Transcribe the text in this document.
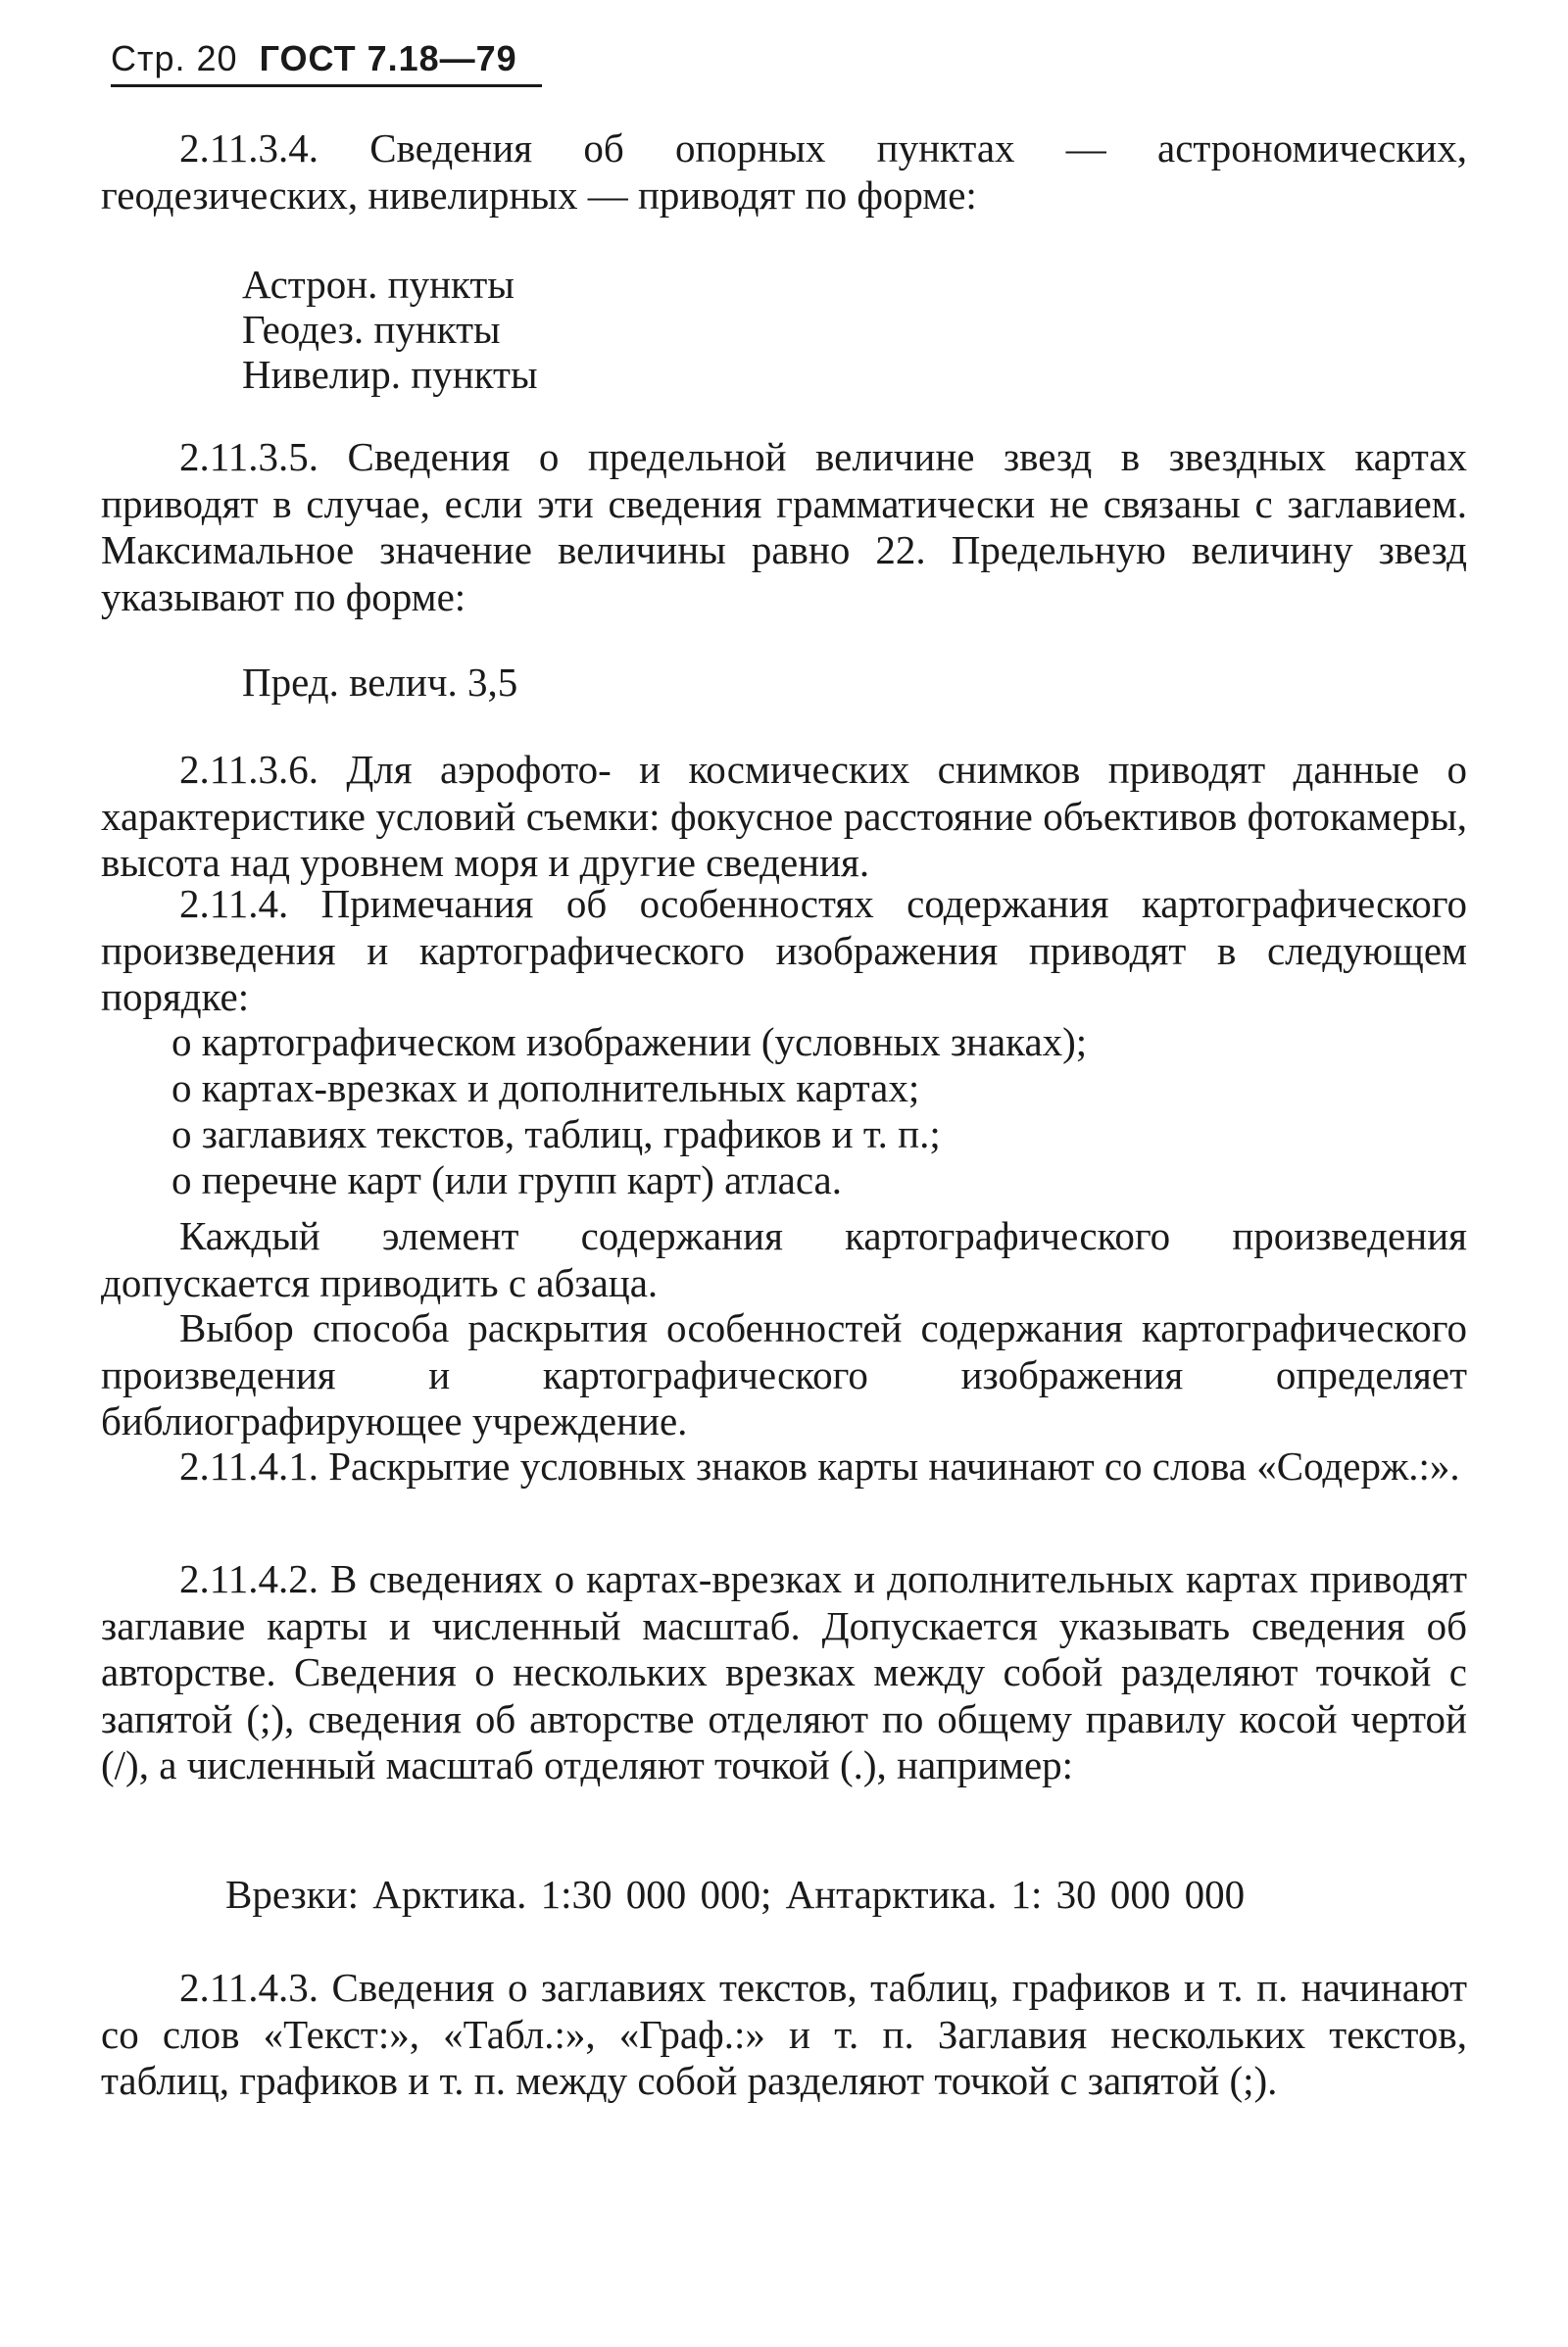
Стр. 20 ГОСТ 7.18—79

2.11.3.4. Сведения об опорных пунктах — астрономических, геодезических, нивелирных — приводят по форме:

Астрон. пункты
Геодез. пункты
Нивелир. пункты

2.11.3.5. Сведения о предельной величине звезд в звездных картах приводят в случае, если эти сведения грамматически не связаны с заглавием. Максимальное значение величины равно 22. Предельную величину звезд указывают по форме:

Пред. велич. 3,5

2.11.3.6. Для аэрофото- и космических снимков приводят данные о характеристике условий съемки: фокусное расстояние объективов фотокамеры, высота над уровнем моря и другие сведения.

2.11.4. Примечания об особенностях содержания картографического произведения и картографического изображения приводят в следующем порядке:

о картографическом изображении (условных знаках);
о картах-врезках и дополнительных картах;
о заглавиях текстов, таблиц, графиков и т. п.;
о перечне карт (или групп карт) атласа.

Каждый элемент содержания картографического произведения допускается приводить с абзаца.

Выбор способа раскрытия особенностей содержания картографического произведения и картографического изображения определяет библиографирующее учреждение.

2.11.4.1. Раскрытие условных знаков карты начинают со слова «Содерж.:».

2.11.4.2. В сведениях о картах-врезках и дополнительных картах приводят заглавие карты и численный масштаб. Допускается указывать сведения об авторстве. Сведения о нескольких врезках между собой разделяют точкой с запятой (;), сведения об авторстве отделяют по общему правилу косой чертой (/), а численный масштаб отделяют точкой (.), например:

Врезки: Арктика. 1:30 000 000; Антарктика. 1: 30 000 000

2.11.4.3. Сведения о заглавиях текстов, таблиц, графиков и т. п. начинают со слов «Текст:», «Табл.:», «Граф.:» и т. п. Заглавия нескольких текстов, таблиц, графиков и т. п. между собой разделяют точкой с запятой (;).
